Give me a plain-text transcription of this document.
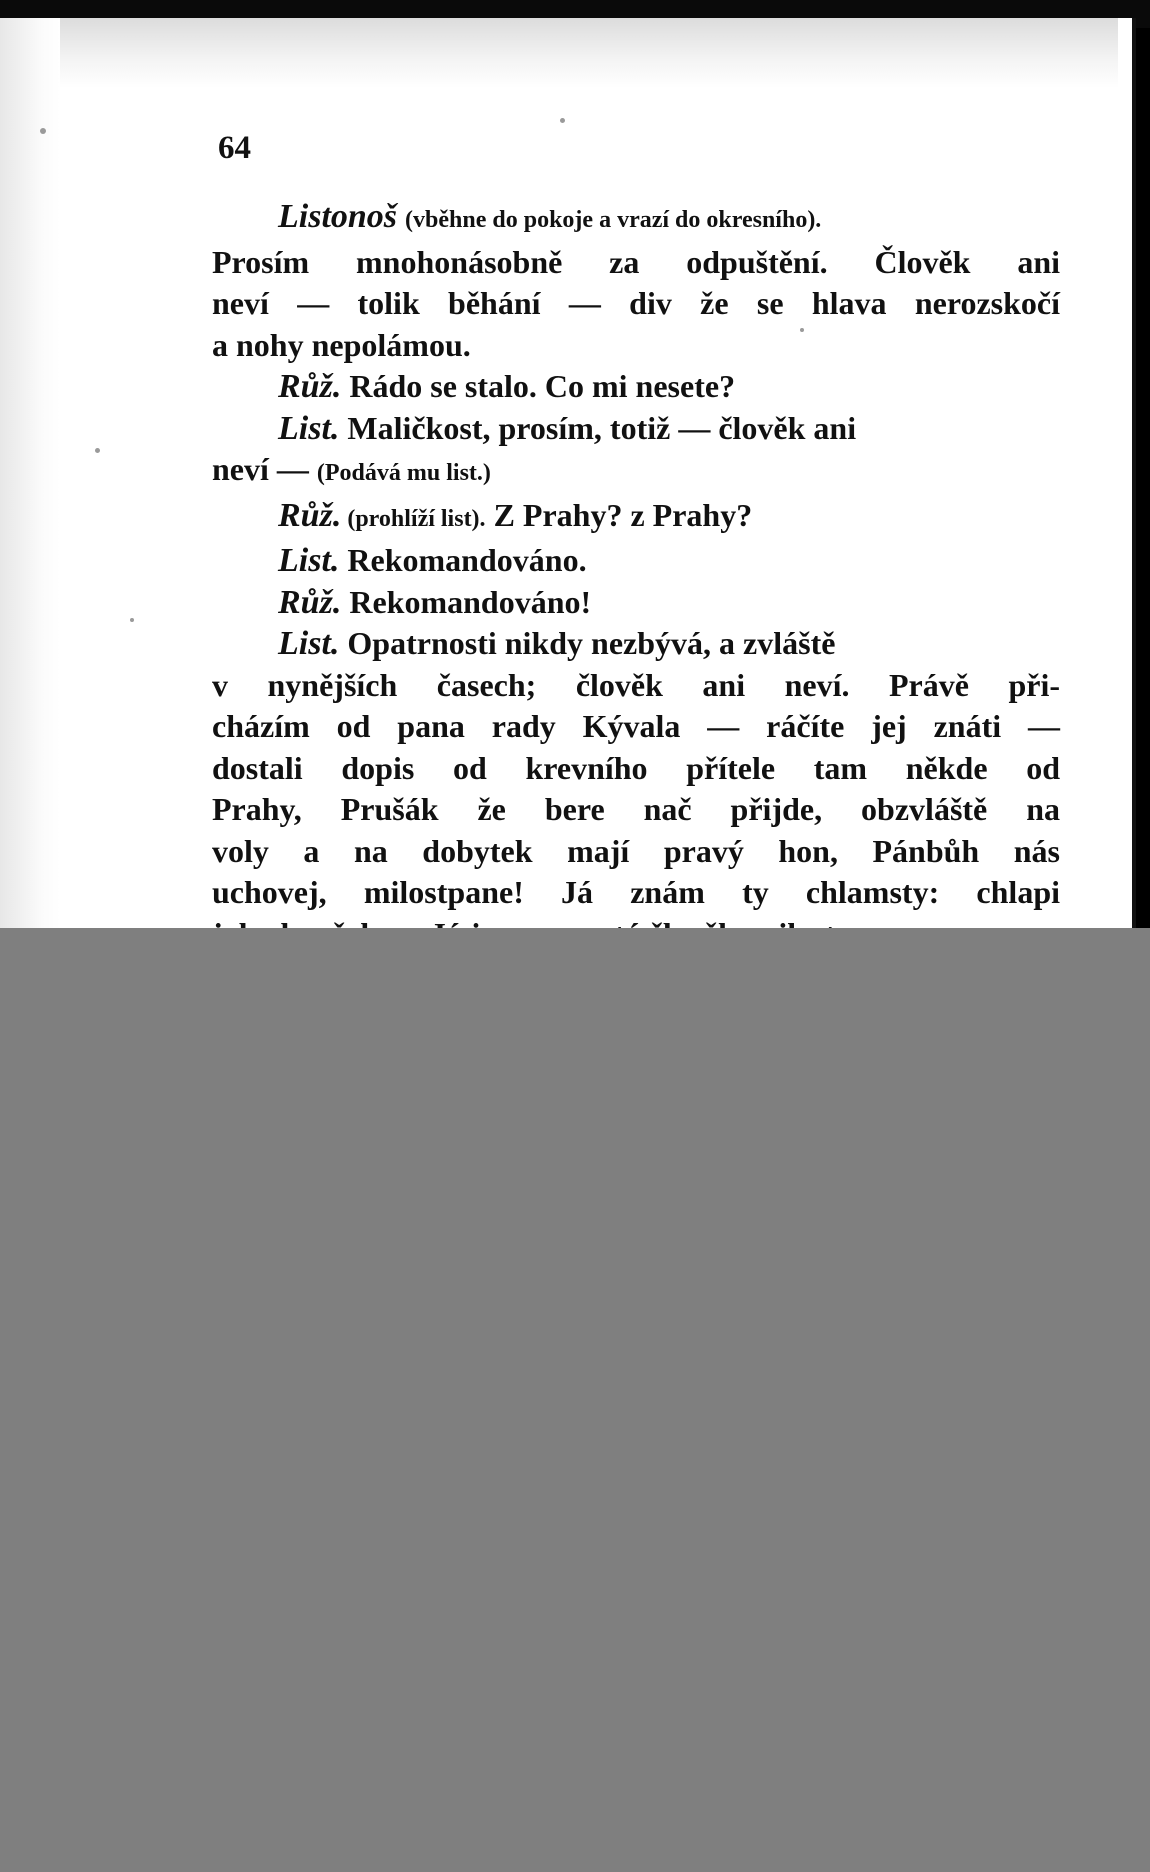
64
Listonoš (vběhne do pokoje a vrazí do okresního).
Prosím mnohonásobně za odpuštění. Člověk ani
neví — tolik běhání — div že se hlava nerozskočí
a nohy nepolámou.
Růž. Rádo se stalo. Co mi nesete?
List. Maličkost, prosím, totiž — člověk ani
neví — (Podává mu list.)
Růž. (prohlíží list). Z Prahy? z Prahy?
List. Rekomandováno.
Růž. Rekomandováno!
List. Opatrnosti nikdy nezbývá, a zvláště
v nynějších časech; člověk ani neví. Právě při-
cházím od pana rady Kývala — ráčíte jej znáti —
dostali dopis od krevního přítele tam někde od
Prahy, Prušák že bere nač přijde, obzvláště na
voly a na dobytek mají pravý hon, Pánbůh nás
uchovej, milostpane! Já znám ty chlamsty: chlapi
